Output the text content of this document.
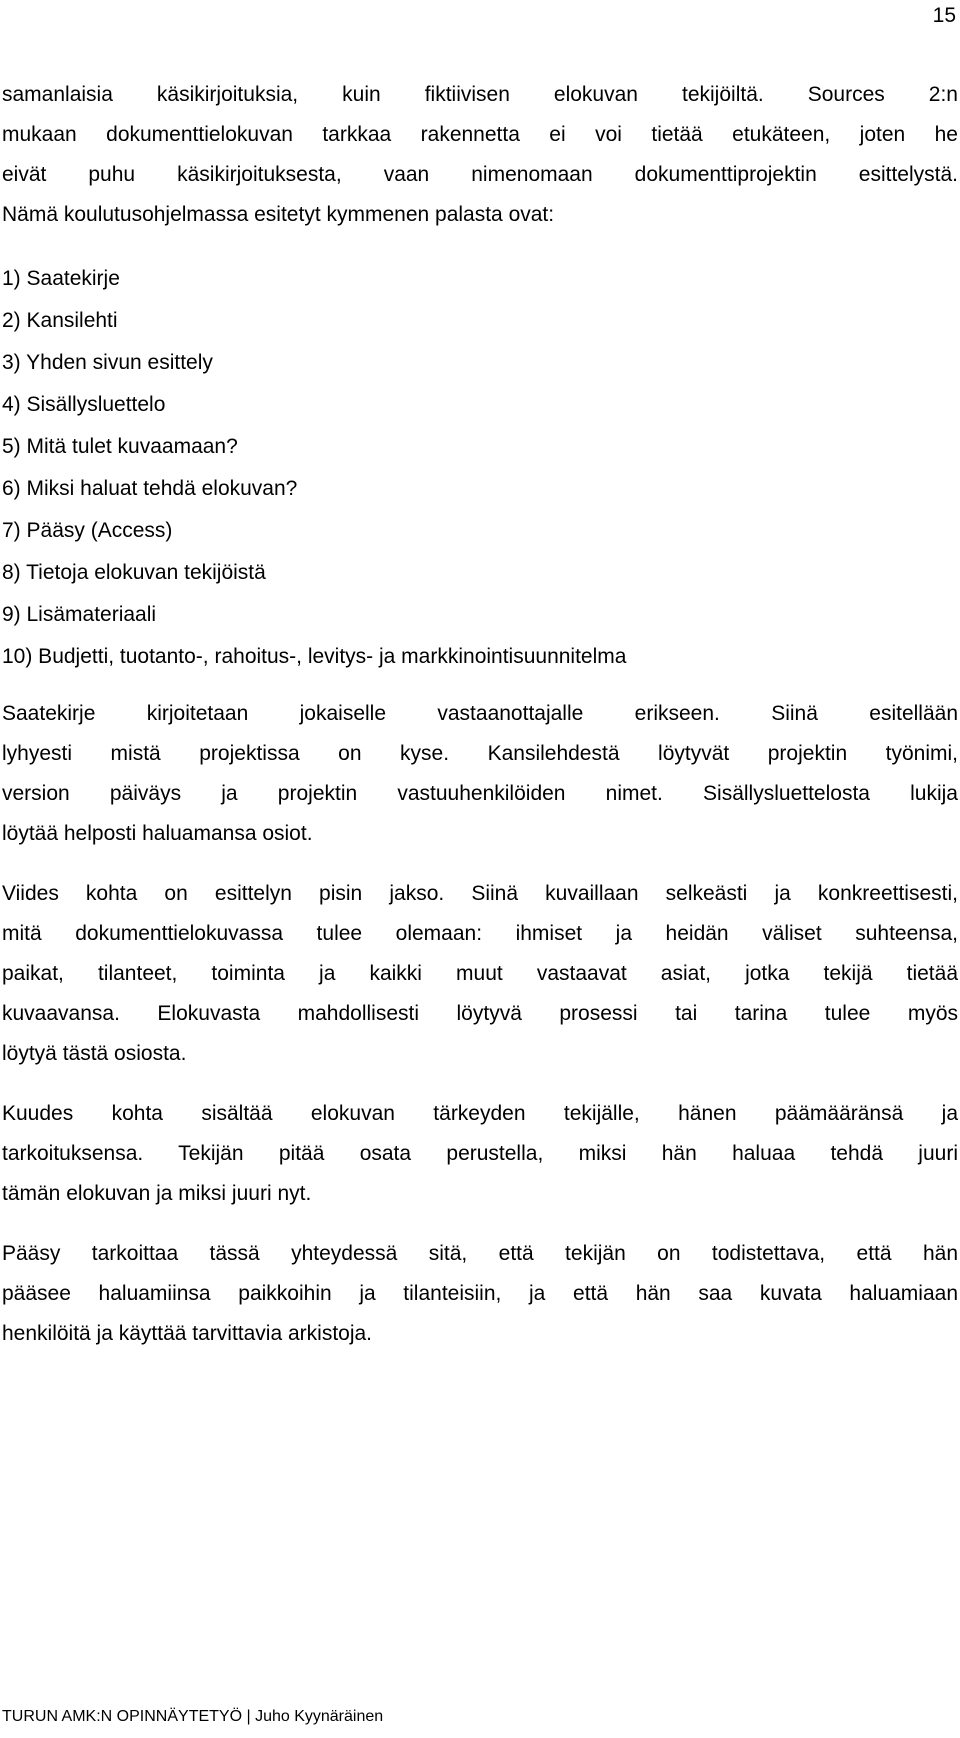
15

samanlaisia käsikirjoituksia, kuin fiktiivisen elokuvan tekijöiltä. Sources 2:n

mukaan dokumenttielokuvan tarkkaa rakennetta ei voi tietää etukäteen, joten he

eivät puhu käsikirjoituksesta, vaan nimenomaan dokumenttiprojektin esittelystä.

Nämä koulutusohjelmassa esitetyt kymmenen palasta ovat:

1) Saatekirje
2) Kansilehti
3) Yhden sivun esittely
4) Sisällysluettelo
5) Mitä tulet kuvaamaan?
6) Miksi haluat tehdä elokuvan?
7) Pääsy (Access)
8) Tietoja elokuvan tekijöistä
9) Lisämateriaali
10) Budjetti, tuotanto-, rahoitus-, levitys- ja markkinointisuunnitelma

Saatekirje kirjoitetaan jokaiselle vastaanottajalle erikseen. Siinä esitellään

lyhyesti mistä projektissa on kyse. Kansilehdestä löytyvät projektin työnimi,

version päiväys ja projektin vastuuhenkilöiden nimet. Sisällysluettelosta lukija

löytää helposti haluamansa osiot.

Viides kohta on esittelyn pisin jakso. Siinä kuvaillaan selkeästi ja konkreettisesti,

mitä dokumenttielokuvassa tulee olemaan: ihmiset ja heidän väliset suhteensa,

paikat, tilanteet, toiminta ja kaikki muut vastaavat asiat, jotka tekijä tietää

kuvaavansa. Elokuvasta mahdollisesti löytyvä prosessi tai tarina tulee myös

löytyä tästä osiosta.

Kuudes kohta sisältää elokuvan tärkeyden tekijälle, hänen päämääränsä ja

tarkoituksensa. Tekijän pitää osata perustella, miksi hän haluaa tehdä juuri

tämän elokuvan ja miksi juuri nyt.

Pääsy tarkoittaa tässä yhteydessä sitä, että tekijän on todistettava, että hän

pääsee haluamiinsa paikkoihin ja tilanteisiin, ja että hän saa kuvata haluamiaan

henkilöitä ja käyttää tarvittavia arkistoja.

TURUN AMK:N OPINNÄYTETYÖ | Juho Kyynäräinen
